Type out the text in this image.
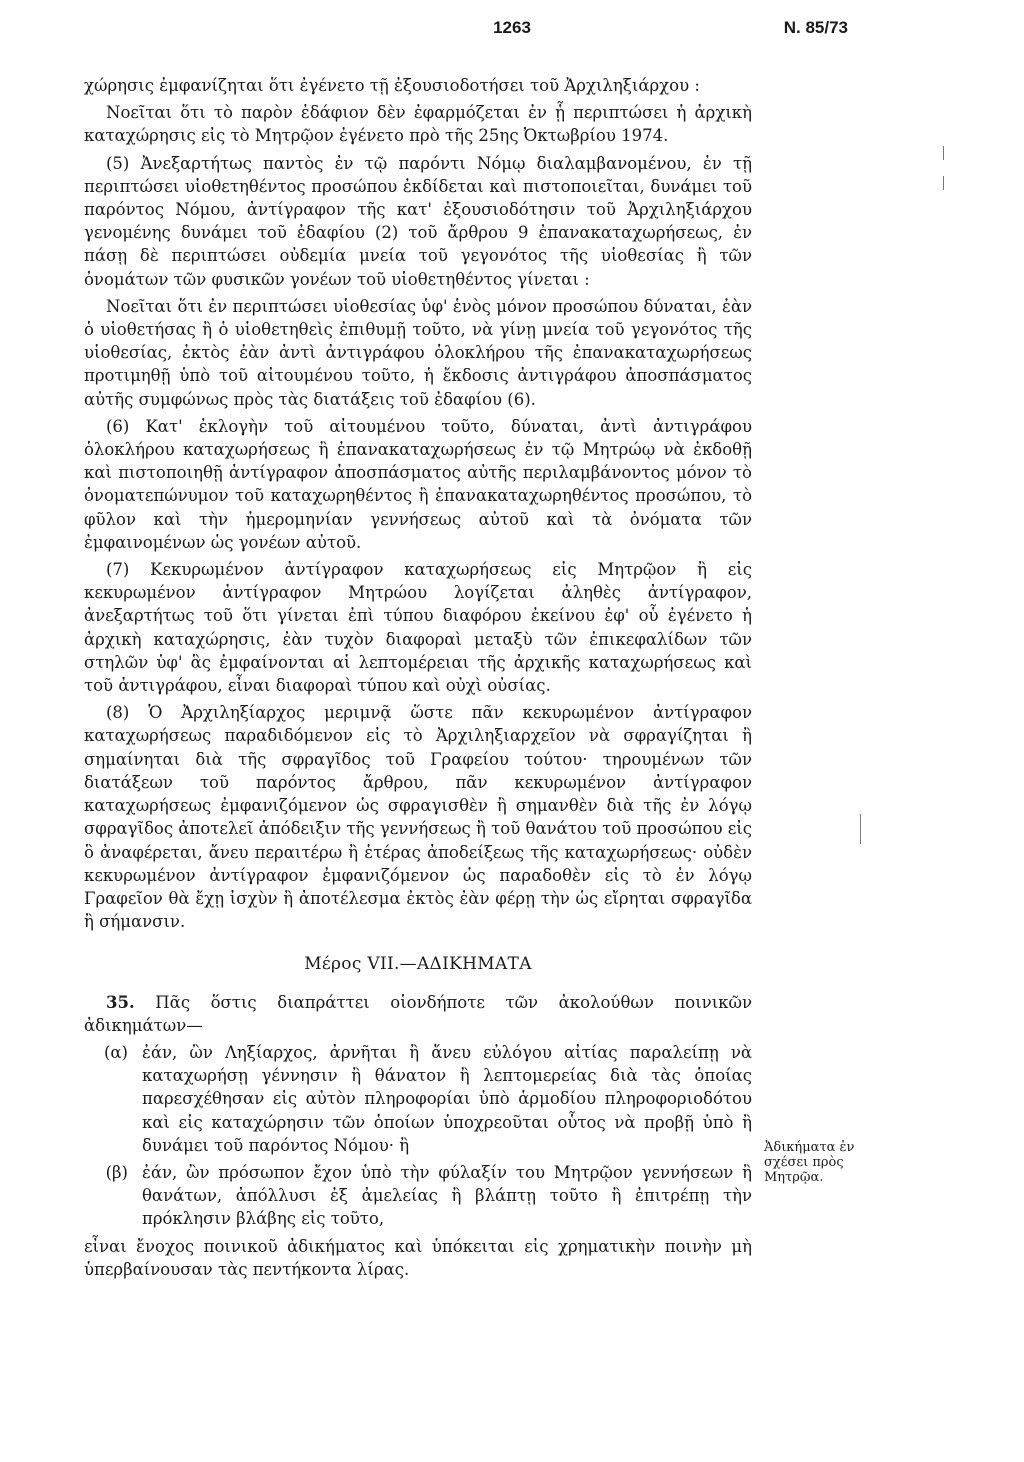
1263	Ν. 85/73

χώρησις ἐμφανίζηται ὅτι ἐγένετο τῇ ἐξουσιοδοτήσει τοῦ Ἀρχιληξιάρχου :

Νοεῖται ὅτι τὸ παρὸν ἐδάφιον δὲν ἐφαρμόζεται ἐν ᾗ περιπτώσει ἡ ἀρχικὴ καταχώρησις εἰς τὸ Μητρῷον ἐγένετο πρὸ τῆς 25ης Ὀκτωβρίου 1974.

(5) Ἀνεξαρτήτως παντὸς ἐν τῷ παρόντι Νόμῳ διαλαμβανομένου, ἐν τῇ περιπτώσει υἱοθετηθέντος προσώπου ἐκδίδεται καὶ πιστοποιεῖται, δυνάμει τοῦ παρόντος Νόμου, ἀντίγραφον τῆς κατ' ἐξουσιοδότησιν τοῦ Ἀρχιληξιάρχου γενομένης δυνάμει τοῦ ἐδαφίου (2) τοῦ ἄρθρου 9 ἐπανακαταχωρήσεως, ἐν πάσῃ δὲ περιπτώσει οὐδεμία μνεία τοῦ γεγονότος τῆς υἱοθεσίας ἢ τῶν ὀνομάτων τῶν φυσικῶν γονέων τοῦ υἱοθετηθέντος γίνεται :

Νοεῖται ὅτι ἐν περιπτώσει υἱοθεσίας ὑφ' ἑνὸς μόνον προσώπου δύναται, ἐὰν ὁ υἱοθετήσας ἢ ὁ υἱοθετηθεὶς ἐπιθυμῇ τοῦτο, νὰ γίνῃ μνεία τοῦ γεγονότος τῆς υἱοθεσίας, ἐκτὸς ἐὰν ἀντὶ ἀντιγράφου ὁλοκλήρου τῆς ἐπανακαταχωρήσεως προτιμηθῇ ὑπὸ τοῦ αἰτουμένου τοῦτο, ἡ ἔκδοσις ἀντιγράφου ἀποσπάσματος αὐτῆς συμφώνως πρὸς τὰς διατάξεις τοῦ ἐδαφίου (6).

(6) Κατ' ἐκλογὴν τοῦ αἰτουμένου τοῦτο, δύναται, ἀντὶ ἀντιγράφου ὁλοκλήρου καταχωρήσεως ἢ ἐπανακαταχωρήσεως ἐν τῷ Μητρώῳ νὰ ἐκδοθῇ καὶ πιστοποιηθῇ ἀντίγραφον ἀποσπάσματος αὐτῆς περιλαμβάνοντος μόνον τὸ ὀνοματεπώνυμον τοῦ καταχωρηθέντος ἢ ἐπανακαταχωρηθέντος προσώπου, τὸ φῦλον καὶ τὴν ἡμερομηνίαν γεννήσεως αὐτοῦ καὶ τὰ ὀνόματα τῶν ἐμφαινομένων ὡς γονέων αὐτοῦ.

(7) Κεκυρωμένον ἀντίγραφον καταχωρήσεως εἰς Μητρῷον ἢ εἰς κεκυρωμένον ἀντίγραφον Μητρώου λογίζεται ἀληθὲς ἀντίγραφον, ἀνεξαρτήτως τοῦ ὅτι γίνεται ἐπὶ τύπου διαφόρου ἐκείνου ἐφ' οὗ ἐγένετο ἡ ἀρχικὴ καταχώρησις, ἐὰν τυχὸν διαφοραὶ μεταξὺ τῶν ἐπικεφαλίδων τῶν στηλῶν ὑφ' ἃς ἐμφαίνονται αἱ λεπτομέρειαι τῆς ἀρχικῆς καταχωρήσεως καὶ τοῦ ἀντιγράφου, εἶναι διαφοραὶ τύπου καὶ οὐχὶ οὐσίας.

(8) Ὁ Ἀρχιληξίαρχος μεριμνᾷ ὥστε πᾶν κεκυρωμένον ἀντίγραφον καταχωρήσεως παραδιδόμενον εἰς τὸ Ἀρχιληξιαρχεῖον νὰ σφραγίζηται ἢ σημαίνηται διὰ τῆς σφραγῖδος τοῦ Γραφείου τούτου· τηρουμένων τῶν διατάξεων τοῦ παρόντος ἄρθρου, πᾶν κεκυρωμένον ἀντίγραφον καταχωρήσεως ἐμφανιζόμενον ὡς σφραγισθὲν ἢ σημανθὲν διὰ τῆς ἐν λόγῳ σφραγῖδος ἀποτελεῖ ἀπόδειξιν τῆς γεννήσεως ἢ τοῦ θανάτου τοῦ προσώπου εἰς ὃ ἀναφέρεται, ἄνευ περαιτέρω ἢ ἑτέρας ἀποδείξεως τῆς καταχωρήσεως· οὐδὲν κεκυρωμένον ἀντίγραφον ἐμφανιζόμενον ὡς παραδοθὲν εἰς τὸ ἐν λόγῳ Γραφεῖον θὰ ἔχῃ ἰσχὺν ἢ ἀποτέλεσμα ἐκτὸς ἐὰν φέρῃ τὴν ὡς εἴρηται σφραγῖδα ἢ σήμανσιν.

Μέρος VII.—ΑΔΙΚΗΜΑΤΑ

35. Πᾶς ὅστις διαπράττει οἱονδήποτε τῶν ἀκολούθων ποινικῶν ἀδικημάτων—

(α) ἐάν, ὢν Ληξίαρχος, ἀρνῆται ἢ ἄνευ εὐλόγου αἰτίας παραλείπῃ νὰ καταχωρήσῃ γέννησιν ἢ θάνατον ἢ λεπτομερείας διὰ τὰς ὁποίας παρεσχέθησαν εἰς αὐτὸν πληροφορίαι ὑπὸ ἁρμοδίου πληροφοριοδότου καὶ εἰς καταχώρησιν τῶν ὁποίων ὑποχρεοῦται οὗτος νὰ προβῇ ὑπὸ ἢ δυνάμει τοῦ παρόντος Νόμου· ἢ
(β) ἐάν, ὢν πρόσωπον ἔχον ὑπὸ τὴν φύλαξίν του Μητρῷον γεννήσεων ἢ θανάτων, ἀπόλλυσι ἐξ ἀμελείας ἢ βλάπτῃ τοῦτο ἢ ἐπιτρέπῃ τὴν πρόκλησιν βλάβης εἰς τοῦτο,

εἶναι ἔνοχος ποινικοῦ ἀδικήματος καὶ ὑπόκειται εἰς χρηματικὴν ποινὴν μὴ ὑπερβαίνουσαν τὰς πεντήκοντα λίρας.

Ἀδικήματα ἐν σχέσει πρὸς Μητρῷα.
